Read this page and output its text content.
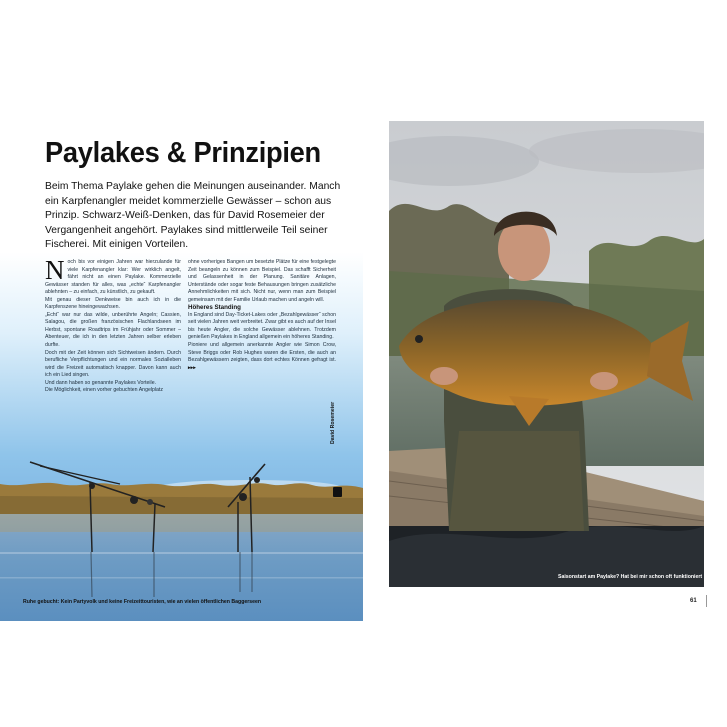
Paylakes & Prinzipien

Beim Thema Paylake gehen die Meinungen auseinander. Manch ein Karpfenangler meidet kommerzielle Gewässer – schon aus Prinzip. Schwarz-Weiß-Denken, das für David Rosemeier der Vergangenheit angehört. Paylakes sind mittlerweile Teil seiner Fischerei. Mit einigen Vorteilen.

Noch bis vor einigen Jahren war hierzulande für viele Karpfenangler klar: Wer wirklich angelt, fährt nicht an einen Paylake. Kommerzielle Gewässer standen für alles, was „echte“ Karpfenangler ablehnten – zu einfach, zu künstlich, zu gekauft.

Mit genau dieser Denkweise bin auch ich in die Karpfenszene hineingewachsen.

„Echt“ war nur das wilde, unberührte Angeln; Cassien, Salagou, die großen französischen Flachlandseen im Herbst, spontane Roadtrips im Frühjahr oder Sommer – Abenteuer, die ich in den letzten Jahren selber erleben durfte.

Doch mit der Zeit können sich Sichtweisen ändern. Durch berufliche Verpflichtungen und ein normales Sozialleben wird die Freizeit automatisch knapper. Davon kann auch ich ein Lied singen.

Und dann haben so genannte Paylakes Vorteile.

Die Möglichkeit, einen vorher gebuchten Angelplatz

ohne vorheriges Bangen um besetzte Plätze für eine festgelegte Zeit beangeln zu können zum Beispiel. Das schafft Sicherheit und Gelassenheit in der Planung. Sanitäre Anlagen, Unterstände oder sogar feste Behausungen bringen zusätzliche Annehmlichkeiten mit sich. Nicht nur, wenn man zum Beispiel gemeinsam mit der Familie Urlaub machen und angeln will.

Höheres Standing

In England sind Day-Ticket-Lakes oder „Bezahlgewässer“ schon seit vielen Jahren weit verbreitet. Zwar gibt es auch auf der Insel bis heute Angler, die solche Gewässer ablehnen. Trotzdem genießen Paylakes in England allgemein ein höheres Standing.

Pioniere und allgemein anerkannte Angler wie Simon Crow, Steve Briggs oder Rob Hughes waren die Ersten, die auch an Bezahlgewässern zeigten, dass dort echtes Können gefragt ist. ▸▸▸

Ruhe gebucht: Kein Partyvolk und keine Freizeittouristen, wie an vielen öffentlichen Baggerseen
David Rosemeier
Saisonstart am Paylake? Hat bei mir schon oft funktioniert
61
